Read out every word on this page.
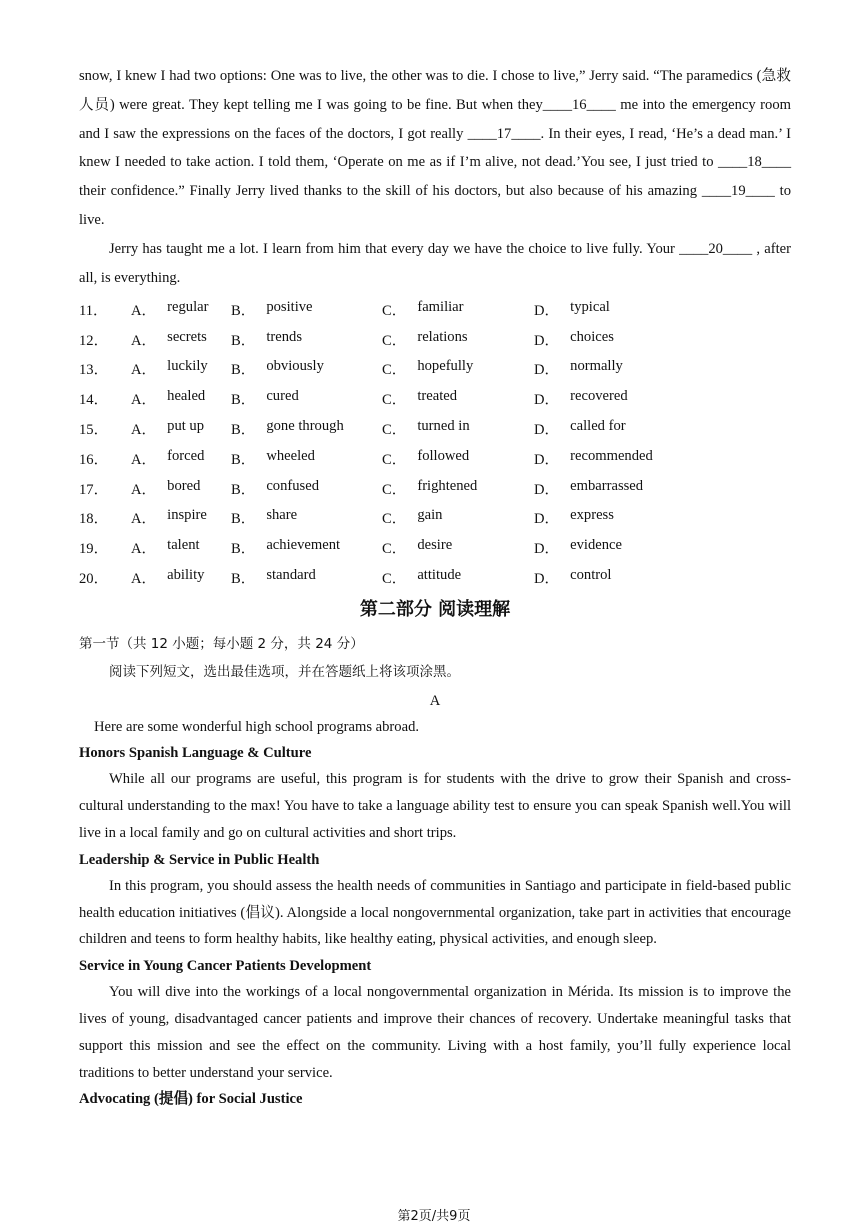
snow, I knew I had two options: One was to live, the other was to die. I chose to live,” Jerry said. “The paramedics (急救人员) were great. They kept telling me I was going to be fine. But when they____16____ me into the emergency room and I saw the expressions on the faces of the doctors, I got really ____17____. In their eyes, I read, ‘He’s a dead man.’ I knew I needed to take action. I told them, ‘Operate on me as if I’m alive, not dead.’You see, I just tried to ____18____ their confidence.” Finally Jerry lived thanks to the skill of his doctors, but also because of his amazing ____19____ to live.

Jerry has taught me a lot. I learn from him that every day we have the choice to live fully. Your ____20____ , after all, is everything.

11．	A． regular B． positive	C． familiar	D． typical
12．	A． secrets B． trends	C． relations	D． choices
13．	A． luckily B． obviously	C． hopefully	D． normally
14．	A． healed B． cured	C． treated	D． recovered
15．	A． put up B． gone through	C． turned in	D． called for
16．	A． forced B． wheeled	C． followed	D． recommended
17．	A． bored B． confused	C． frightened	D． embarrassed
18．	A． inspire B． share	C． gain	D． express
19．	A． talent B． achievement	C． desire	D． evidence
20．	A． ability B． standard	C． attitude	D． control
第二部分 阅读理解

第一节（共 12 小题；每小题 2 分，共 24 分）

阅读下列短文，选出最佳选项，并在答题纸上将该项涂黑。

A

Here are some wonderful high school programs abroad.

Honors Spanish Language & Culture

While all our programs are useful, this program is for students with the drive to grow their Spanish and cross-cultural understanding to the max! You have to take a language ability test to ensure you can speak Spanish well.You will live in a local family and go on cultural activities and short trips.

Leadership & Service in Public Health

In this program, you should assess the health needs of communities in Santiago and participate in field-based public health education initiatives (倡议). Alongside a local nongovernmental organization, take part in activities that encourage children and teens to form healthy habits, like healthy eating, physical activities, and enough sleep.

Service in Young Cancer Patients Development

You will dive into the workings of a local nongovernmental organization in Mérida. Its mission is to improve the lives of young, disadvantaged cancer patients and improve their chances of recovery. Undertake meaningful tasks that support this mission and see the effect on the community. Living with a host family, you’ll fully experience local traditions to better understand your service.

Advocating (提倡) for Social Justice

第2页/共9页
